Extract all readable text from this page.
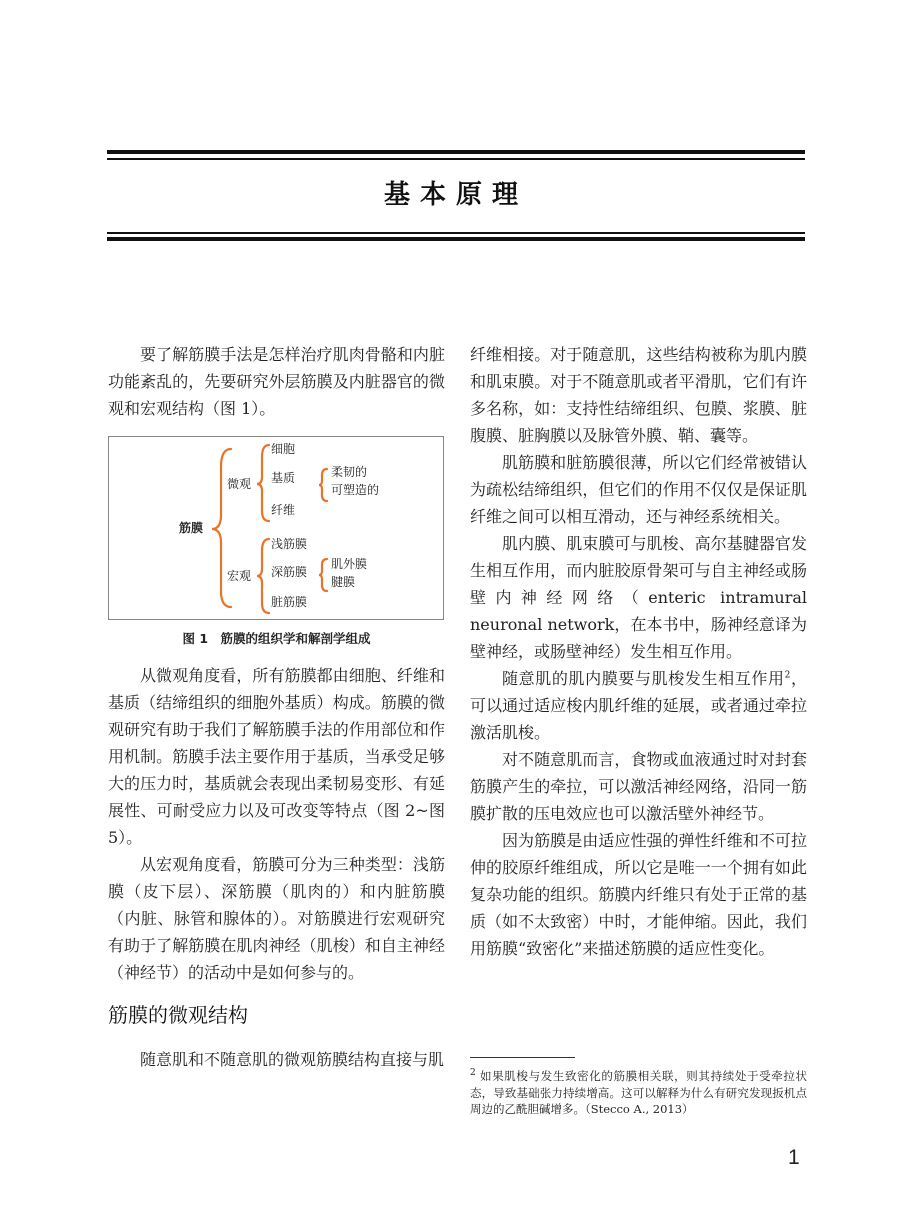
基本原理

要了解筋膜手法是怎样治疗肌肉骨骼和内脏功能紊乱的，先要研究外层筋膜及内脏器官的微观和宏观结构（图 1）。

筋膜
微观
细胞
基质
纤维
柔韧的
可塑造的
宏观
浅筋膜
深筋膜
脏筋膜
肌外膜
腱膜
图 1　筋膜的组织学和解剖学组成

从微观角度看，所有筋膜都由细胞、纤维和基质（结缔组织的细胞外基质）构成。筋膜的微观研究有助于我们了解筋膜手法的作用部位和作用机制。筋膜手法主要作用于基质，当承受足够大的压力时，基质就会表现出柔韧易变形、有延展性、可耐受应力以及可改变等特点（图 2~图 5）。

从宏观角度看，筋膜可分为三种类型：浅筋膜（皮下层）、深筋膜（肌肉的）和内脏筋膜（内脏、脉管和腺体的）。对筋膜进行宏观研究有助于了解筋膜在肌肉神经（肌梭）和自主神经（神经节）的活动中是如何参与的。

筋膜的微观结构

随意肌和不随意肌的微观筋膜结构直接与肌

纤维相接。对于随意肌，这些结构被称为肌内膜和肌束膜。对于不随意肌或者平滑肌，它们有许多名称，如：支持性结缔组织、包膜、浆膜、脏腹膜、脏胸膜以及脉管外膜、鞘、囊等。

肌筋膜和脏筋膜很薄，所以它们经常被错认为疏松结缔组织，但它们的作用不仅仅是保证肌纤维之间可以相互滑动，还与神经系统相关。

肌内膜、肌束膜可与肌梭、高尔基腱器官发生相互作用，而内脏胶原骨架可与自主神经或肠壁内神经网络（enteric intramural neuronal network，在本书中，肠神经意译为壁神经，或肠壁神经）发生相互作用。

随意肌的肌内膜要与肌梭发生相互作用$^2$，可以通过适应梭内肌纤维的延展，或者通过牵拉激活肌梭。

对不随意肌而言，食物或血液通过时对封套筋膜产生的牵拉，可以激活神经网络，沿同一筋膜扩散的压电效应也可以激活壁外神经节。

因为筋膜是由适应性强的弹性纤维和不可拉伸的胶原纤维组成，所以它是唯一一个拥有如此复杂功能的组织。筋膜内纤维只有处于正常的基质（如不太致密）中时，才能伸缩。因此，我们用筋膜“致密化”来描述筋膜的适应性变化。

$^2$ 如果肌梭与发生致密化的筋膜相关联，则其持续处于受牵拉状态，导致基础张力持续增高。这可以解释为什么有研究发现扳机点周边的乙酰胆碱增多。（Stecco A., 2013）
1
